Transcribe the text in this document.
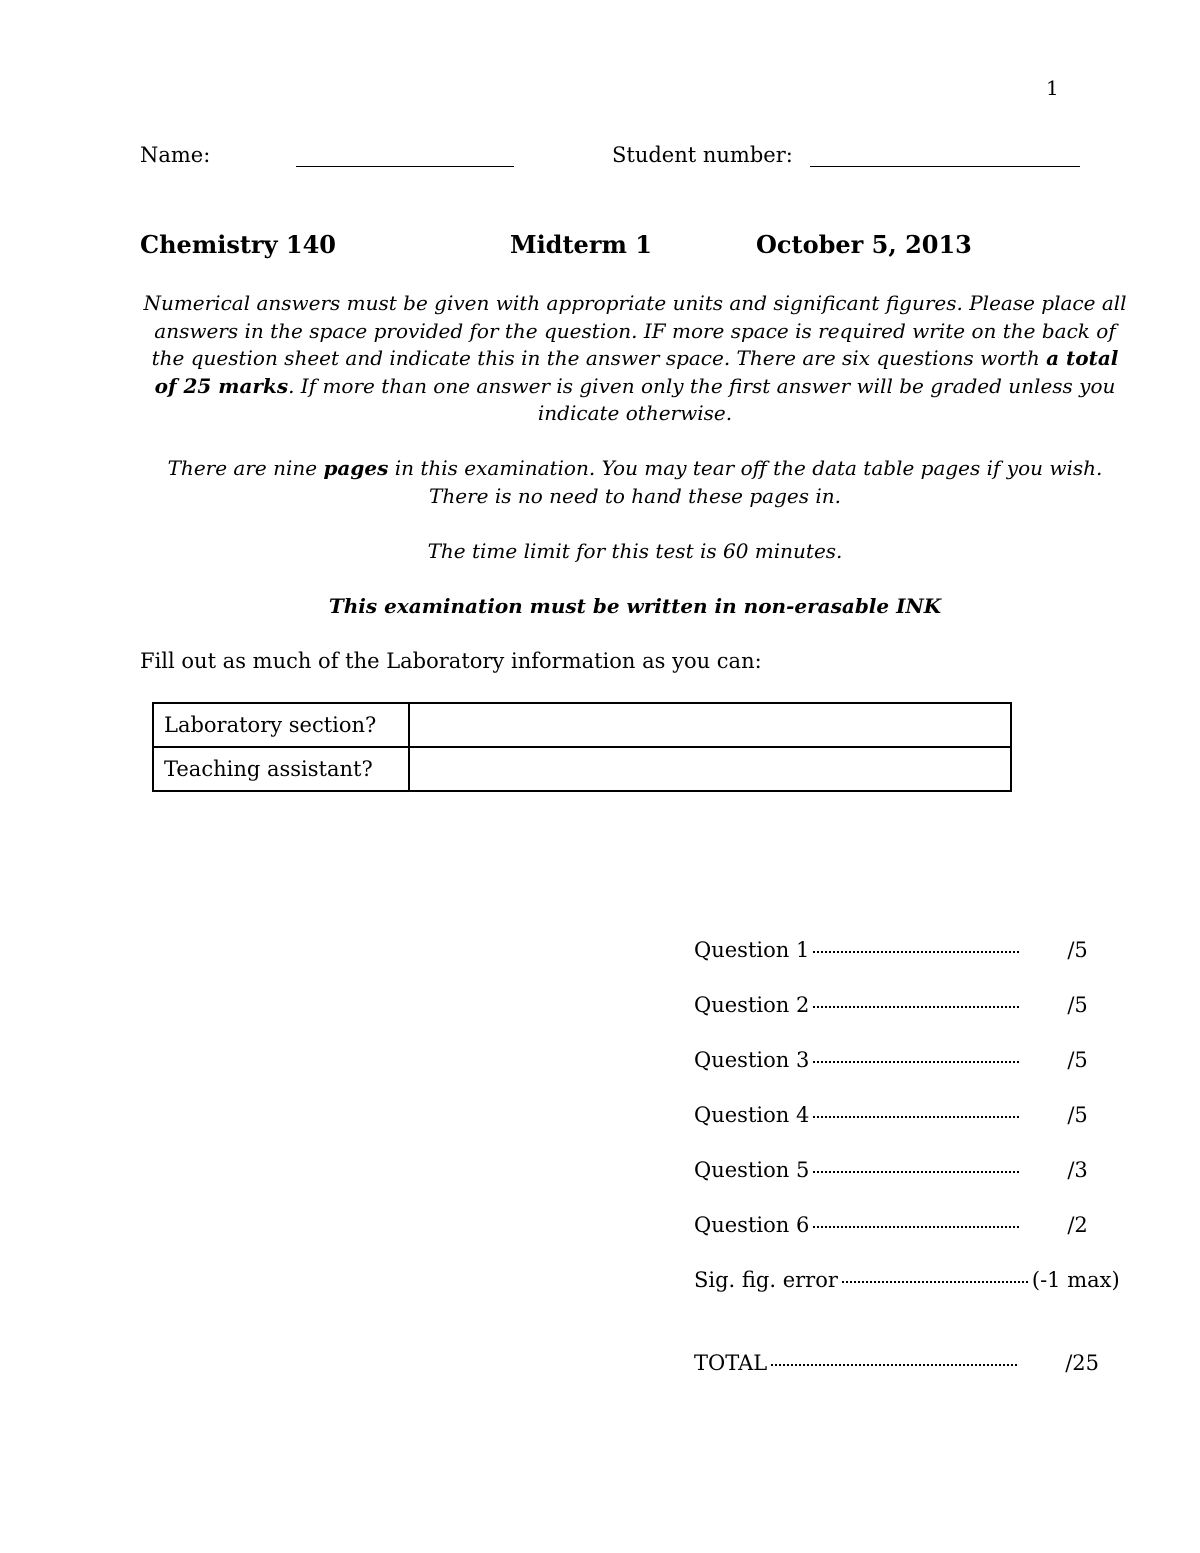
1
Name:	Student number:
Chemistry 140	Midterm 1	October 5, 2013
Numerical answers must be given with appropriate units and significant figures. Please place all answers in the space provided for the question. IF more space is required write on the back of the question sheet and indicate this in the answer space. There are six questions worth a total of 25 marks. If more than one answer is given only the first answer will be graded unless you indicate otherwise.
There are nine pages in this examination. You may tear off the data table pages if you wish. There is no need to hand these pages in.
The time limit for this test is 60 minutes.
This examination must be written in non-erasable INK
Fill out as much of the Laboratory information as you can:
Laboratory section?	
Teaching assistant?	
Question 1	/5
Question 2	/5
Question 3	/5
Question 4	/5
Question 5	/3
Question 6	/2
Sig. fig. error	(-1 max)
TOTAL	/25
